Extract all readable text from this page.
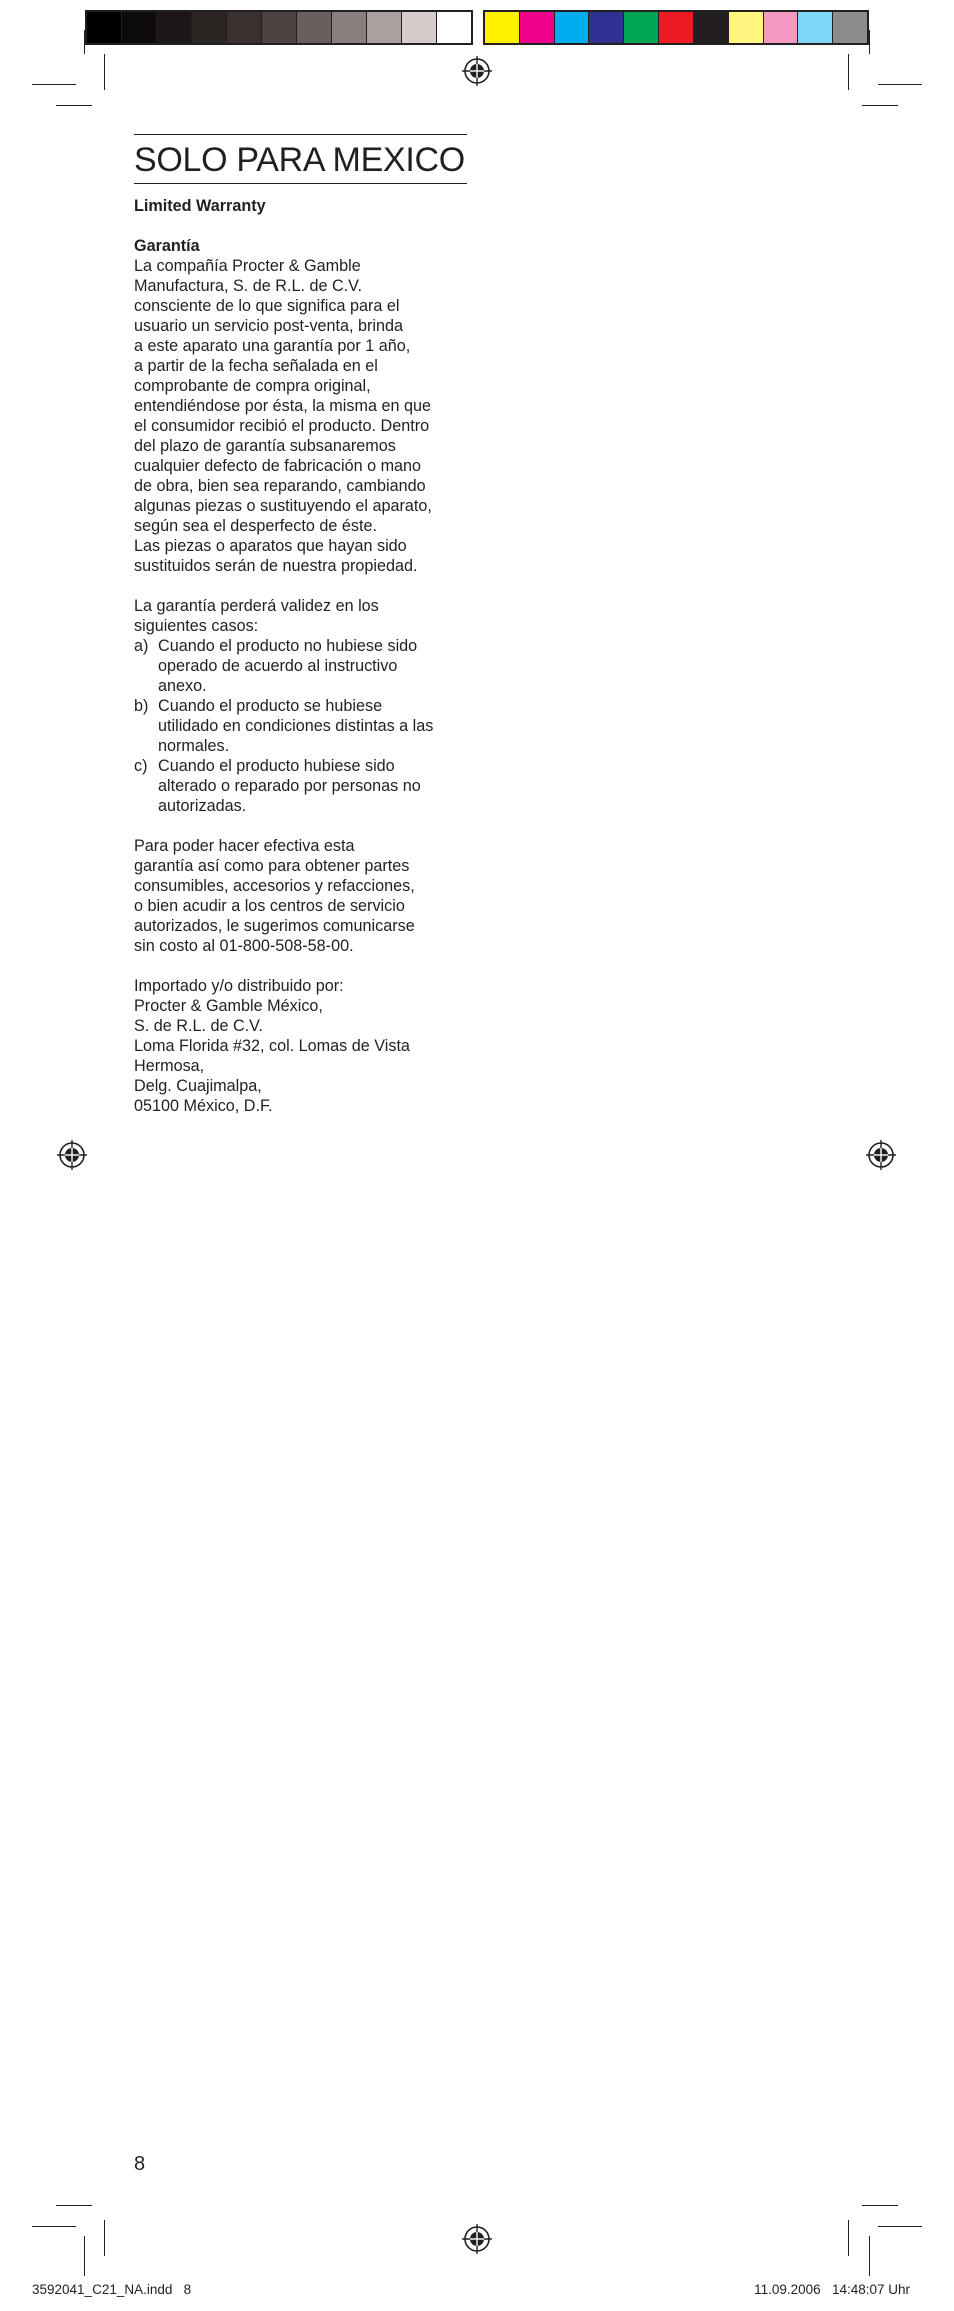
SOLO PARA MEXICO

Limited Warranty

Garantía

La compañía Procter & Gamble
Manufactura, S. de R.L. de C.V.
consciente de lo que significa para el
usuario un servicio post-venta, brinda
a este aparato una garantía por 1 año,
a partir de la fecha señalada en el
comprobante de compra original,
entendiéndose por ésta, la misma en que
el consumidor recibió el producto. Dentro
del plazo de garantía subsanaremos
cualquier defecto de fabricación o mano
de obra, bien sea reparando, cambiando
algunas piezas o sustituyendo el aparato,
según sea el desperfecto de éste.
Las piezas o aparatos que hayan sido
sustituidos serán de nuestra propiedad.
La garantía perderá validez en los
siguientes casos:
a) Cuando el producto no hubiese sido
operado de acuerdo al instructivo
anexo.
b) Cuando el producto se hubiese
utilidado en condiciones distintas a las
normales.
c) Cuando el producto hubiese sido
alterado o reparado por personas no
autorizadas.
Para poder hacer efectiva esta
garantía así como para obtener partes
consumibles, accesorios y refacciones,
o bien acudir a los centros de servicio
autorizados, le sugerimos comunicarse
sin costo al 01-800-508-58-00.
Importado y/o distribuido por:
Procter & Gamble México,
S. de R.L. de C.V.
Loma Florida #32, col. Lomas de Vista
Hermosa,
Delg. Cuajimalpa,
05100 México, D.F.
8
3592041_C21_NA.indd   8	11.09.2006   14:48:07 Uhr
